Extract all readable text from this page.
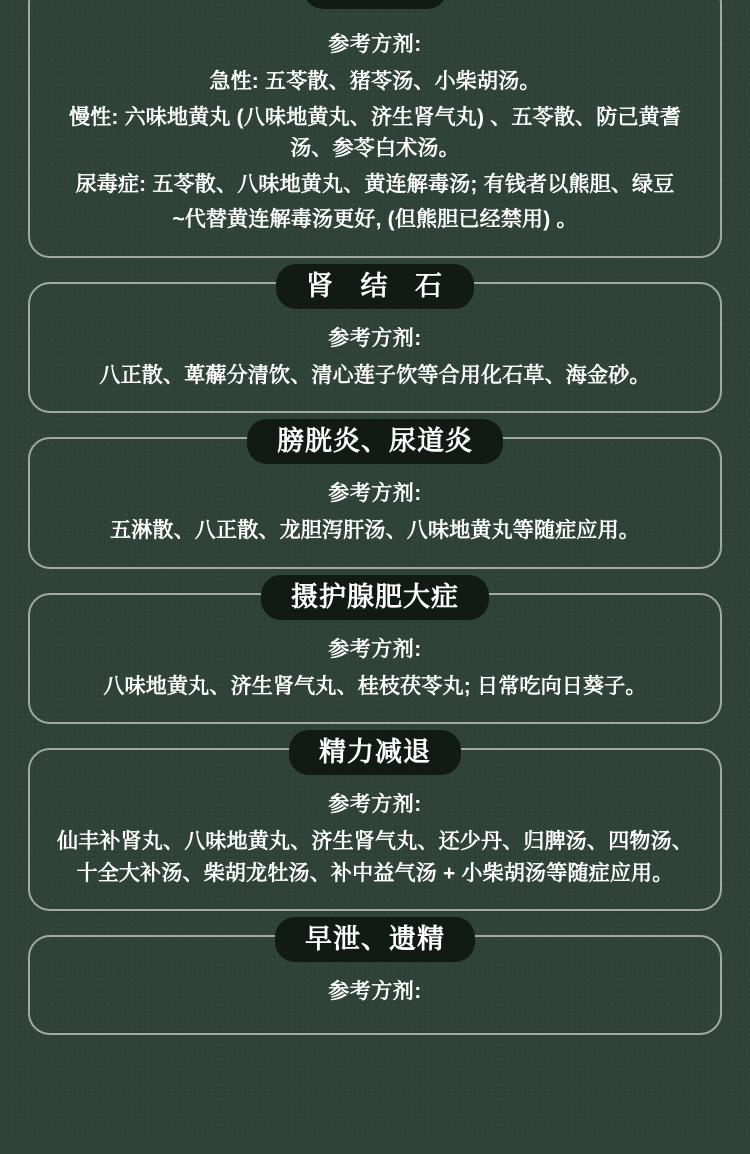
参考方剂:

急性: 五苓散、猪苓汤、小柴胡汤。

慢性: 六味地黄丸 (八味地黄丸、济生肾气丸) 、五苓散、防己黄耆汤、参苓白术汤。

尿毒症: 五苓散、八味地黄丸、黄连解毒汤; 有钱者以熊胆、绿豆

~代替黄连解毒汤更好, (但熊胆已经禁用) 。

肾 结 石
参考方剂:

八正散、萆薢分清饮、清心莲子饮等合用化石草、海金砂。

膀胱炎、尿道炎
参考方剂:

五淋散、八正散、龙胆泻肝汤、八味地黄丸等随症应用。

摄护腺肥大症
参考方剂:

八味地黄丸、济生肾气丸、桂枝茯苓丸; 日常吃向日葵子。

精力减退
参考方剂:

仙丰补肾丸、八味地黄丸、济生肾气丸、还少丹、归脾汤、四物汤、十全大补汤、柴胡龙牡汤、补中益气汤 + 小柴胡汤等随症应用。

早泄、遗精
参考方剂:
